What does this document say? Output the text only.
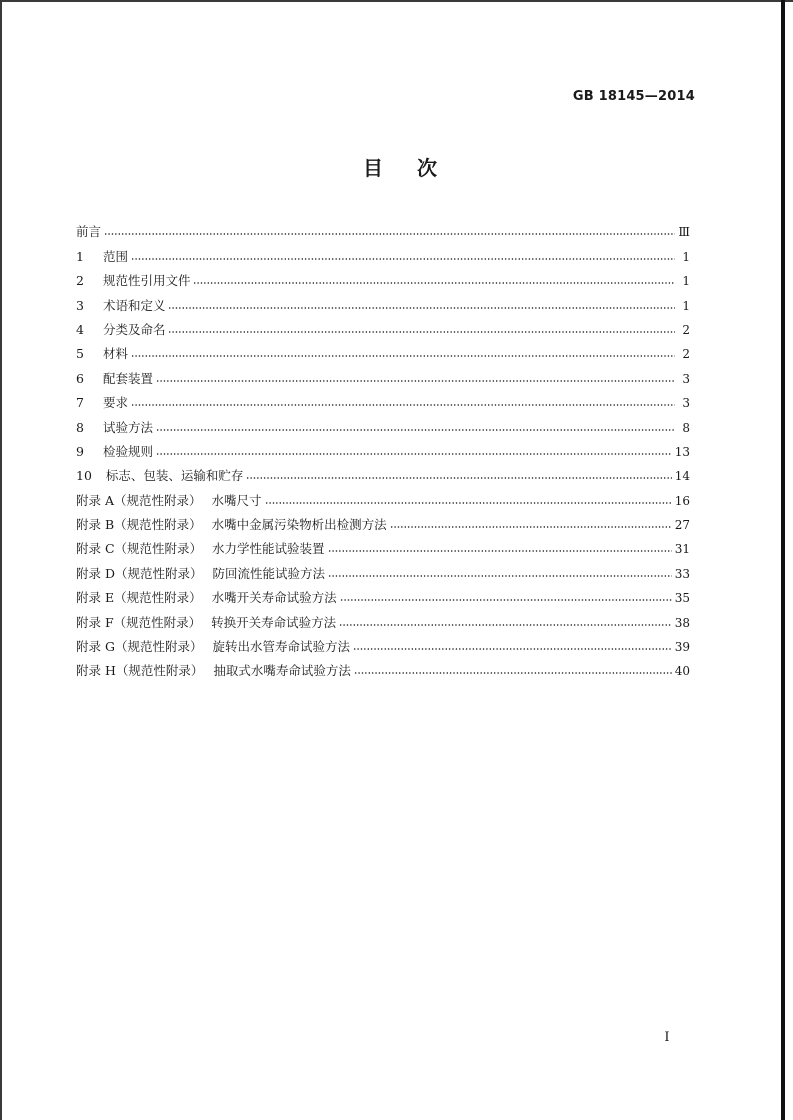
GB 18145—2014
目次
前言	Ⅲ
1 范围	1
2 规范性引用文件	1
3 术语和定义	1
4 分类及命名	2
5 材料	2
6 配套装置	3
7 要求	3
8 试验方法	8
9 检验规则	13
10 标志、包装、运输和贮存	14
附录 A（规范性附录） 水嘴尺寸	16
附录 B（规范性附录） 水嘴中金属污染物析出检测方法	27
附录 C（规范性附录） 水力学性能试验装置	31
附录 D（规范性附录） 防回流性能试验方法	33
附录 E（规范性附录） 水嘴开关寿命试验方法	35
附录 F（规范性附录） 转换开关寿命试验方法	38
附录 G（规范性附录） 旋转出水管寿命试验方法	39
附录 H（规范性附录） 抽取式水嘴寿命试验方法	40
I
